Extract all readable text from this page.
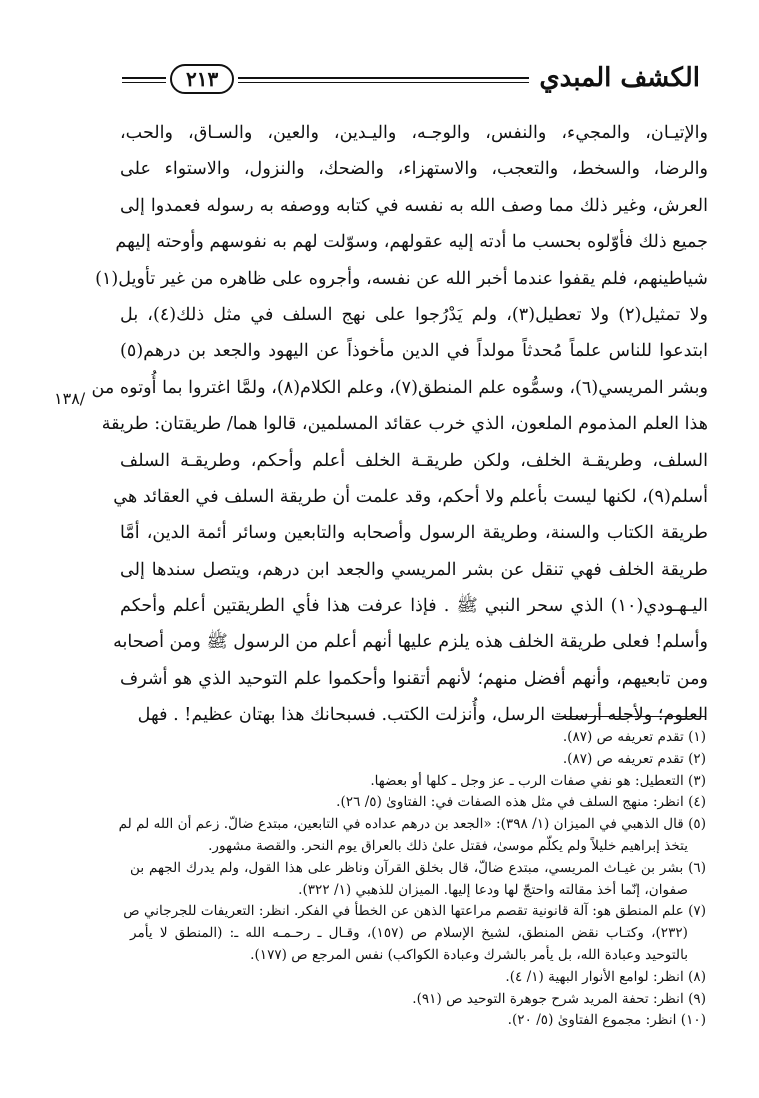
الكشف المبدي
٢١٣
١٣٨/
والإتيـان، والمجيء، والنفس، والوجـه، واليـدين، والعين، والسـاق، والحب،
والرضا، والسخط، والتعجب، والاستهزاء، والضحك، والنزول، والاستواء على
العرش، وغير ذلك مما وصف الله به نفسه في كتابه ووصفه به رسوله فعمدوا إلى
جميع ذلك فأوّلوه بحسب ما أدته إليه عقولهم، وسوّلت لهم به نفوسهم وأوحته إليهم
شياطينهم، فلم يقفوا عندما أخبر الله عن نفسه، وأجروه على ظاهره من غير تأويل(١)
ولا تمثيل(٢) ولا تعطيل(٣)، ولم يَدْرُجوا على نهج السلف في مثل ذلك(٤)، بل
ابتدعوا للناس علماً مُحدثاً مولداً في الدين مأخوذاً عن اليهود والجعد بن درهم(٥)
وبشر المريسي(٦)، وسمُّوه علم المنطق(٧)، وعلم الكلام(٨)، ولمَّا اغتروا بما أُوتوه من
هذا العلم المذموم الملعون، الذي خرب عقائد المسلمين، قالوا هما/ طريقتان: طريقة
السلف، وطريقـة الخلف، ولكن طريقـة الخلف أعلم وأحكم، وطريقـة السلف
أسلم(٩)، لكنها ليست بأعلم ولا أحكم، وقد علمت أن طريقة السلف في العقائد هي
طريقة الكتاب والسنة، وطريقة الرسول وأصحابه والتابعين وسائر أئمة الدين، أمَّا
طريقة الخلف فهي تنقل عن بشر المريسي والجعد ابن درهم، ويتصل سندها إلى
اليـهـودي(١٠) الذي سحر النبي ﷺ . فإذا عرفت هذا فأي الطريقتين أعلم وأحكم
وأسلم! فعلى طريقة الخلف هذه يلزم عليها أنهم أعلم من الرسول ﷺ ومن أصحابه
ومن تابعيهم، وأنهم أفضل منهم؛ لأنهم أتقنوا وأحكموا علم التوحيد الذي هو أشرف
العلوم؛ ولأجله أرسلت الرسل، وأُنزلت الكتب. فسبحانك هذا بهتان عظيم! . فهل
(١) تقدم تعريفه ص (٨٧).
(٢) تقدم تعريفه ص (٨٧).
(٣) التعطيل: هو نفي صفات الرب ـ عز وجل ـ كلها أو بعضها.
(٤) انظر: منهج السلف في مثل هذه الصفات في: الفتاوىٰ (٥/ ٢٦).
(٥) قال الذهبي في الميزان (١/ ٣٩٨): «الجعد بن درهم عداده في التابعين، مبتدع ضالّ. زعم أن الله لم لم
يتخذ إبراهيم خليلاً ولم يكلّم موسىٰ، فقتل علىٰ ذلك بالعراق يوم النحر. والقصة مشهور.
(٦) بشر بن غيـاث المريسي، مبتدع ضالّ، قال بخلق القرآن وناظر على هذا القول، ولم يدرك الجهم بن
صفوان، إنّما أخذ مقالته واحتجّ لها ودعا إليها. الميزان للذهبي (١/ ٣٢٢).
(٧) علم المنطق هو: آلة قانونية تقصم مراعتها الذهن عن الخطأ في الفكر. انظر: التعريفات للجرجاني ص
(٢٣٢)، وكتـاب نقض المنطق، لشيخ الإسلام ص (١٥٧)، وقـال ـ رحـمـه الله ـ: (المنطق لا يأمر
بالتوحيد وعبادة الله، بل يأمر بالشرك وعبادة الكواكب) نفس المرجع ص (١٧٧).
(٨) انظر: لوامع الأنوار البهية (١/ ٤).
(٩) انظر: تحفة المريد شرح جوهرة التوحيد ص (٩١).
(١٠) انظر: مجموع الفتاوىٰ (٥/ ٢٠).
